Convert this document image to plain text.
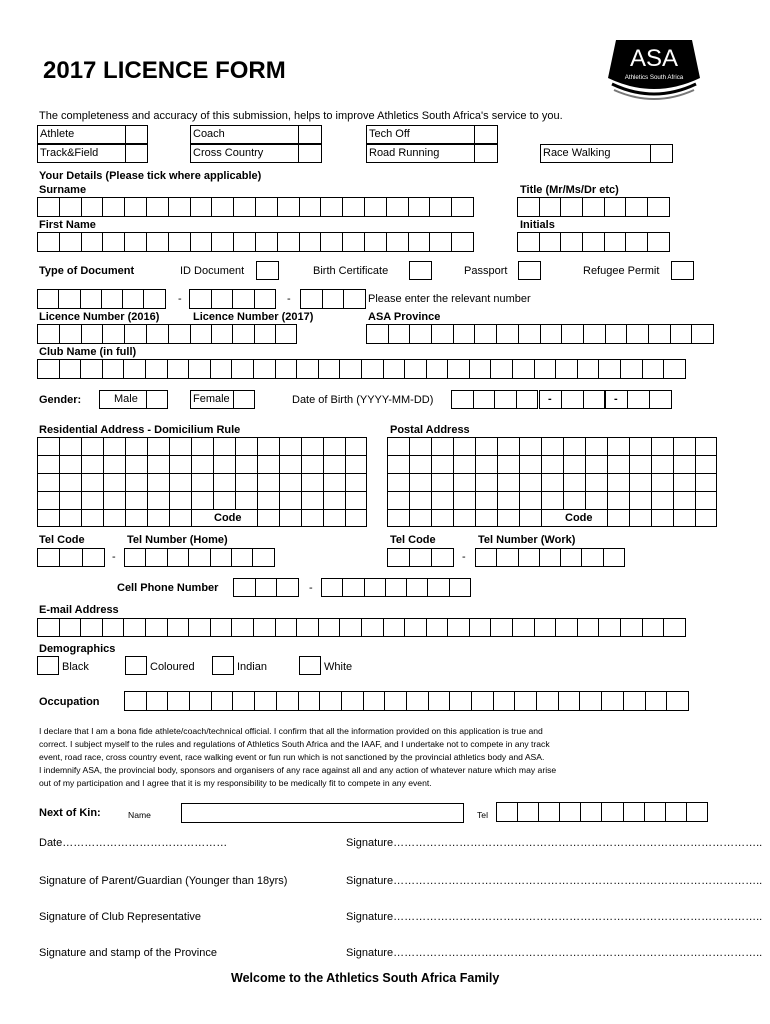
2017 LICENCE FORM	ASA
Athletics South Africa
The completeness and accuracy of this submission, helps to improve Athletics South Africa's service to you.
Athlete	Coach	Tech Off
Track&Field	Cross Country	Road Running	Race Walking
Your Details (Please tick where applicable)
Surname	Title (Mr/Ms/Dr etc)
First Name	Initials
Type of Document	ID Document	Birth Certificate	Passport	Refugee Permit
-	-	Please enter the relevant number
Licence Number (2016)	Licence Number (2017)	ASA Province
Club Name (in full)
Gender:	Male	Female	Date of Birth (YYYY-MM-DD)	-	-
Residential Address - Domicilium Rule	Postal Address
Code	Code
Tel Code	Tel Number (Home)	Tel Code	Tel Number (Work)
-	-
Cell Phone Number	-
E-mail Address
Demographics
Black	Coloured	Indian	White
Occupation
I declare that I am a bona fide athlete/coach/technical official. I confirm that all the information provided on this application is true and
correct. I subject myself to the rules and regulations of Athletics South Africa and the IAAF, and I undertake not to compete in any track
event, road race, cross country event, race walking event or fun run which is not sanctioned by the provincial athletics body and ASA.
I indemnify ASA, the provincial body, sponsors and organisers of any race against all and any action of whatever nature which may arise
out of my participation and I agree that it is my responsibility to be medically fit to compete in any event.
Next of Kin:	Name	Tel
Date………………………………………	Signature………………………………………………………………………………………..
Signature of Parent/Guardian (Younger than 18yrs)	Signature………………………………………………………………………………………..
Signature of Club Representative	Signature………………………………………………………………………………………..
Signature and stamp of the Province	Signature………………………………………………………………………………………..
Welcome to the Athletics South Africa Family
